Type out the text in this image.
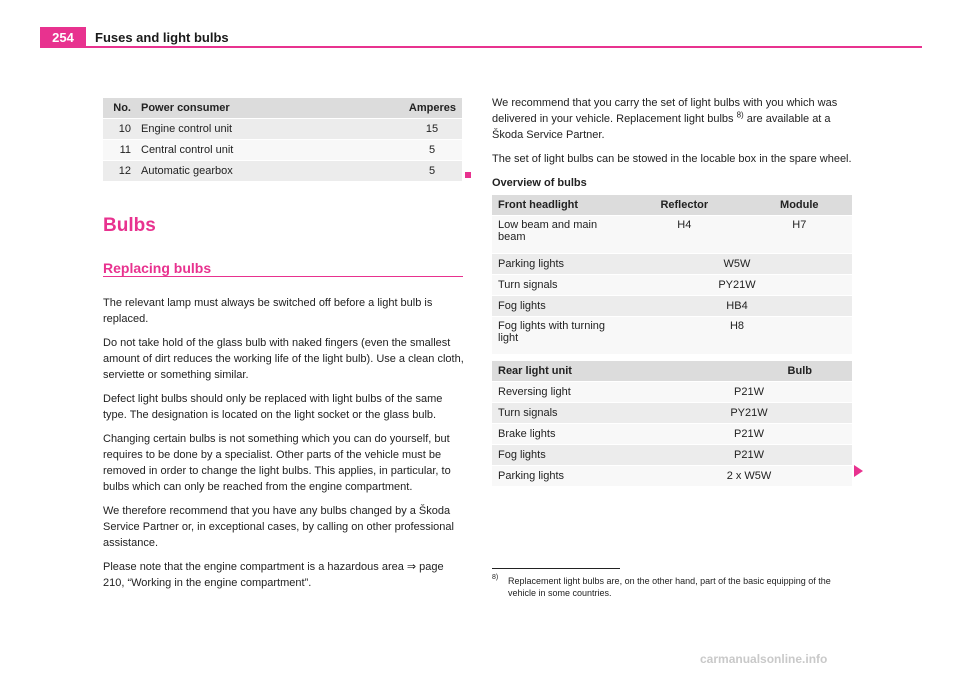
254	Fuses and light bulbs
No.	Power consumer	Amperes
10	Engine control unit	15
11	Central control unit	5
12	Automatic gearbox	5
Bulbs
Replacing bulbs

The relevant lamp must always be switched off before a light bulb is replaced.

Do not take hold of the glass bulb with naked fingers (even the smallest amount of dirt reduces the working life of the light bulb). Use a clean cloth, serviette or something similar.

Defect light bulbs should only be replaced with light bulbs of the same type. The designation is located on the light socket or the glass bulb.

Changing certain bulbs is not something which you can do yourself, but requires to be done by a specialist. Other parts of the vehicle must be removed in order to change the light bulbs. This applies, in particular, to bulbs which can only be reached from the engine compartment.

We therefore recommend that you have any bulbs changed by a Škoda Service Partner or, in exceptional cases, by calling on other professional assistance.

Please note that the engine compartment is a hazardous area ⇒ page 210, “Working in the engine compartment”.

We recommend that you carry the set of light bulbs with you which was delivered in your vehicle. Replacement light bulbs $^{8)}$ are available at a Škoda Service Partner.

The set of light bulbs can be stowed in the locable box in the spare wheel.

Overview of bulbs

Front headlight	Reflector	Module
Low beam and main beam	H4	H7
Parking lights	W5W	
Turn signals	PY21W	
Fog lights	HB4	
Fog lights with turning light	H8	
Rear light unit	Bulb
Reversing light	P21W
Turn signals	PY21W
Brake lights	P21W
Fog lights	P21W
Parking lights	2 x W5W
8)	Replacement light bulbs are, on the other hand, part of the basic equipping of the vehicle in some countries.
carmanualsonline.info
